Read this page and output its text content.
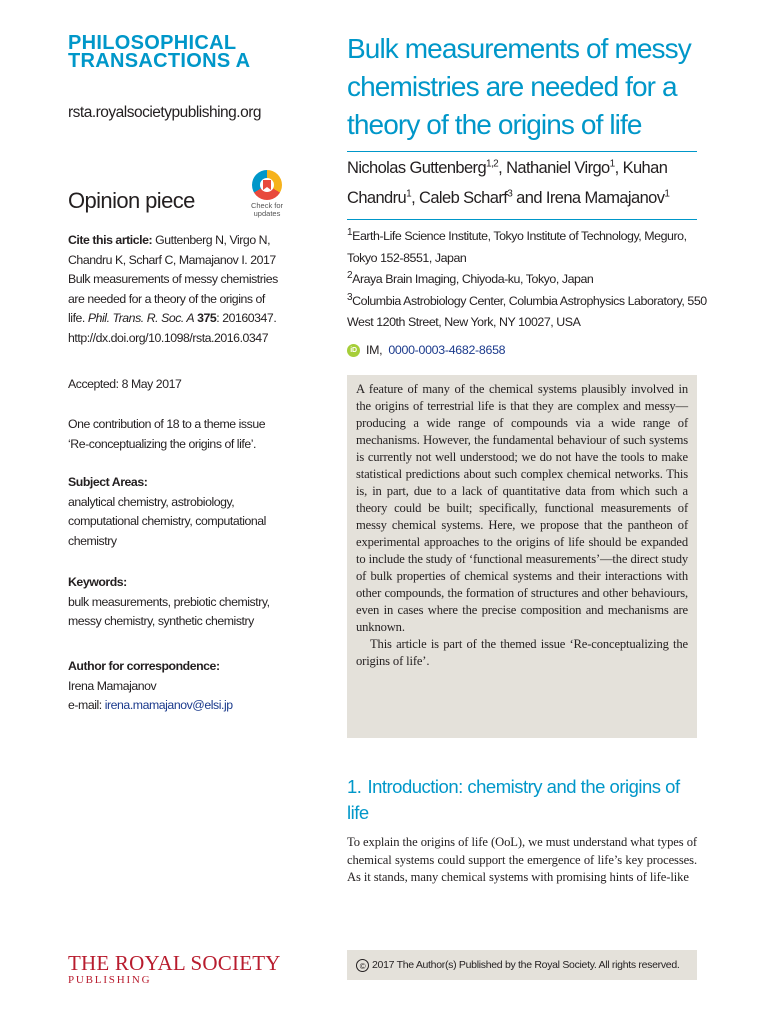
PHILOSOPHICAL
TRANSACTIONS A
rsta.royalsocietypublishing.org
Opinion piece	Check for
updates
Cite this article: Guttenberg N, Virgo N, Chandru K, Scharf C, Mamajanov I. 2017 Bulk measurements of messy chemistries are needed for a theory of the origins of life. Phil. Trans. R. Soc. A 375: 20160347. http://dx.doi.org/10.1098/rsta.2016.0347
Accepted: 8 May 2017
One contribution of 18 to a theme issue ‘Re-conceptualizing the origins of life’.
Subject Areas:
analytical chemistry, astrobiology, computational chemistry, computational chemistry
Keywords:
bulk measurements, prebiotic chemistry, messy chemistry, synthetic chemistry
Author for correspondence:
Irena Mamajanov
e-mail: irena.mamajanov@elsi.jp
Bulk measurements of messy chemistries are needed for a theory of the origins of life
Nicholas Guttenberg$^{1,2}$, Nathaniel Virgo$^1$, Kuhan Chandru$^1$, Caleb Scharf$^3$ and Irena Mamajanov$^1$
$^1$Earth-Life Science Institute, Tokyo Institute of Technology, Meguro, Tokyo 152-8551, Japan
$^2$Araya Brain Imaging, Chiyoda-ku, Tokyo, Japan
$^3$Columbia Astrobiology Center, Columbia Astrophysics Laboratory, 550 West 120th Street, New York, NY 10027, USA
iD IM, 0000-0003-4682-8658

A feature of many of the chemical systems plausibly involved in the origins of terrestrial life is that they are complex and messy—producing a wide range of compounds via a wide range of mechanisms. However, the fundamental behaviour of such systems is currently not well understood; we do not have the tools to make statistical predictions about such complex chemical networks. This is, in part, due to a lack of quantitative data from which such a theory could be built; specifically, functional measurements of messy chemical systems. Here, we propose that the pantheon of experimental approaches to the origins of life should be expanded to include the study of ‘functional measurements’—the direct study of bulk properties of chemical systems and their interactions with other compounds, the formation of structures and other behaviours, even in cases where the precise composition and mechanisms are unknown.

This article is part of the themed issue ‘Re-conceptualizing the origins of life’.

1. Introduction: chemistry and the origins of life
To explain the origins of life (OoL), we must understand what types of chemical systems could support the emergence of life’s key processes. As it stands, many chemical systems with promising hints of life-like
© 2017 The Author(s) Published by the Royal Society. All rights reserved.
THE ROYAL SOCIETY
PUBLISHING
